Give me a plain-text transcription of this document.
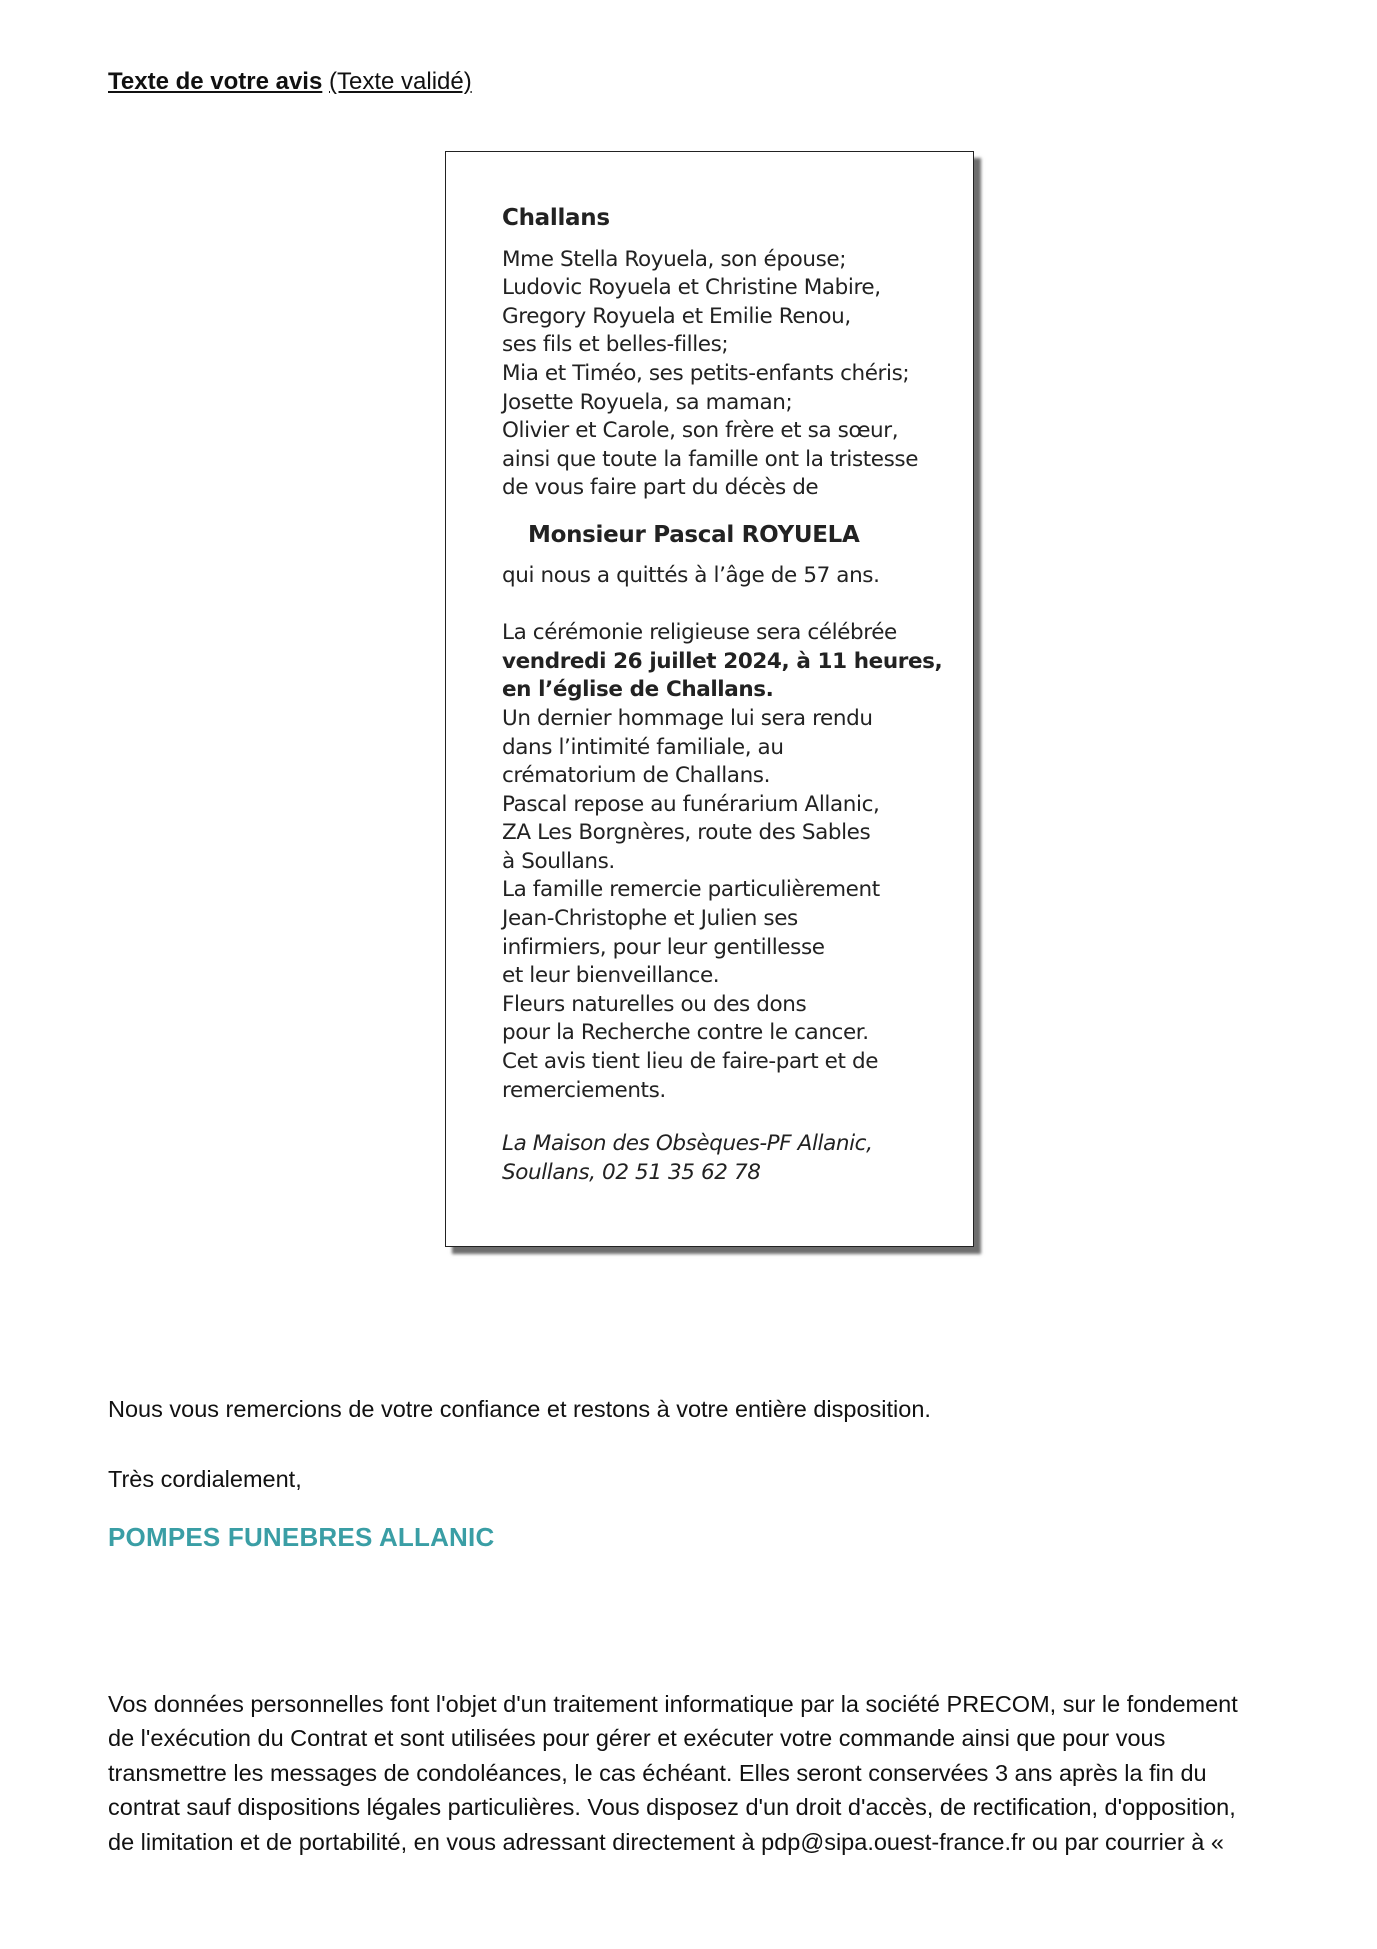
Texte de votre avis (Texte validé)
Challans
Mme Stella Royuela, son épouse;
Ludovic Royuela et Christine Mabire,
Gregory Royuela et Emilie Renou,
ses fils et belles-filles;
Mia et Timéo, ses petits-enfants chéris;
Josette Royuela, sa maman;
Olivier et Carole, son frère et sa sœur,
ainsi que toute la famille ont la tristesse
de vous faire part du décès de
Monsieur Pascal ROYUELA
qui nous a quittés à l’âge de 57 ans.
La cérémonie religieuse sera célébrée
vendredi 26 juillet 2024, à 11 heures,
en l’église de Challans.
Un dernier hommage lui sera rendu
dans l’intimité familiale, au
crématorium de Challans.
Pascal repose au funérarium Allanic,
ZA Les Borgnères, route des Sables
à Soullans.
La famille remercie particulièrement
Jean-Christophe et Julien ses
infirmiers, pour leur gentillesse
et leur bienveillance.
Fleurs naturelles ou des dons
pour la Recherche contre le cancer.
Cet avis tient lieu de faire-part et de
remerciements.
La Maison des Obsèques-PF Allanic,
Soullans, 02 51 35 62 78
Nous vous remercions de votre confiance et restons à votre entière disposition.
Très cordialement,
POMPES FUNEBRES ALLANIC
Vos données personnelles font l'objet d'un traitement informatique par la société PRECOM, sur le fondement
de l'exécution du Contrat et sont utilisées pour gérer et exécuter votre commande ainsi que pour vous
transmettre les messages de condoléances, le cas échéant. Elles seront conservées 3 ans après la fin du
contrat sauf dispositions légales particulières. Vous disposez d'un droit d'accès, de rectification, d'opposition,
de limitation et de portabilité, en vous adressant directement à pdp@sipa.ouest-france.fr ou par courrier à «
